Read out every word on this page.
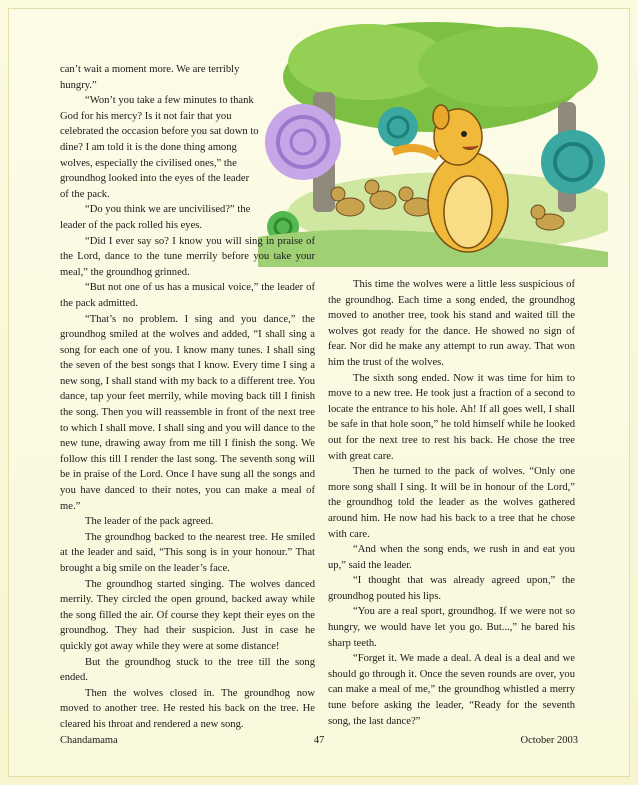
can’t wait a moment more. We are terribly hungry.”

“Won’t you take a few minutes to thank God for his mercy? Is it not fair that you celebrated the occasion before you sat down to dine? I am told it is the done thing among wolves, especially the civilised ones,” the groundhog looked into the eyes of the leader of the pack.

“Do you think we are uncivilised?” the leader of the pack rolled his eyes.

“Did I ever say so? I know you will sing in praise of the Lord, dance to the tune merrily before you take your meal,” the groundhog grinned.

“But not one of us has a musical voice,” the leader of the pack admitted.

“That’s no problem. I sing and you dance,” the groundhog smiled at the wolves and added, “I shall sing a song for each one of you. I know many tunes. I shall sing the seven of the best songs that I know. Every time I sing a new song, I shall stand with my back to a different tree. You dance, tap your feet merrily, while moving back till I finish the song. Then you will reassemble in front of the next tree to which I shall move. I shall sing and you will dance to the new tune, drawing away from me till I finish the song. We follow this till I render the last song. The seventh song will be in praise of the Lord. Once I have sung all the songs and you have danced to their notes, you can make a meal of me.”

The leader of the pack agreed.

The groundhog backed to the nearest tree. He smiled at the leader and said, “This song is in your honour.” That brought a big smile on the leader’s face.

The groundhog started singing. The wolves danced merrily. They circled the open ground, backed away while the song filled the air. Of course they kept their eyes on the groundhog. They had their suspicion. Just in case he quickly got away while they were at some distance!

But the groundhog stuck to the tree till the song ended.

Then the wolves closed in. The groundhog now moved to another tree. He rested his back on the tree. He cleared his throat and rendered a new song.

This time the wolves were a little less suspicious of the groundhog. Each time a song ended, the groundhog moved to another tree, took his stand and waited till the wolves got ready for the dance. He showed no sign of fear. Nor did he make any attempt to run away. That won him the trust of the wolves.

The sixth song ended. Now it was time for him to move to a new tree. He took just a fraction of a second to locate the entrance to his hole. Ah! If all goes well, I shall be safe in that hole soon,” he told himself while he looked out for the next tree to rest his back. He chose the tree with great care.

Then he turned to the pack of wolves. “Only one more song shall I sing. It will be in honour of the Lord,” the groundhog told the leader as the wolves gathered around him. He now had his back to a tree that he chose with care.

“And when the song ends, we rush in and eat you up,” said the leader.

“I thought that was already agreed upon,” the groundhog pouted his lips.

“You are a real sport, groundhog. If we were not so hungry, we would have let you go. But...,” he bared his sharp teeth.

“Forget it. We made a deal. A deal is a deal and we should go through it. Once the seven rounds are over, you can make a meal of me,” the groundhog whistled a merry tune before asking the leader, “Ready for the seventh song, the last dance?”

Chandamama	47	October 2003
